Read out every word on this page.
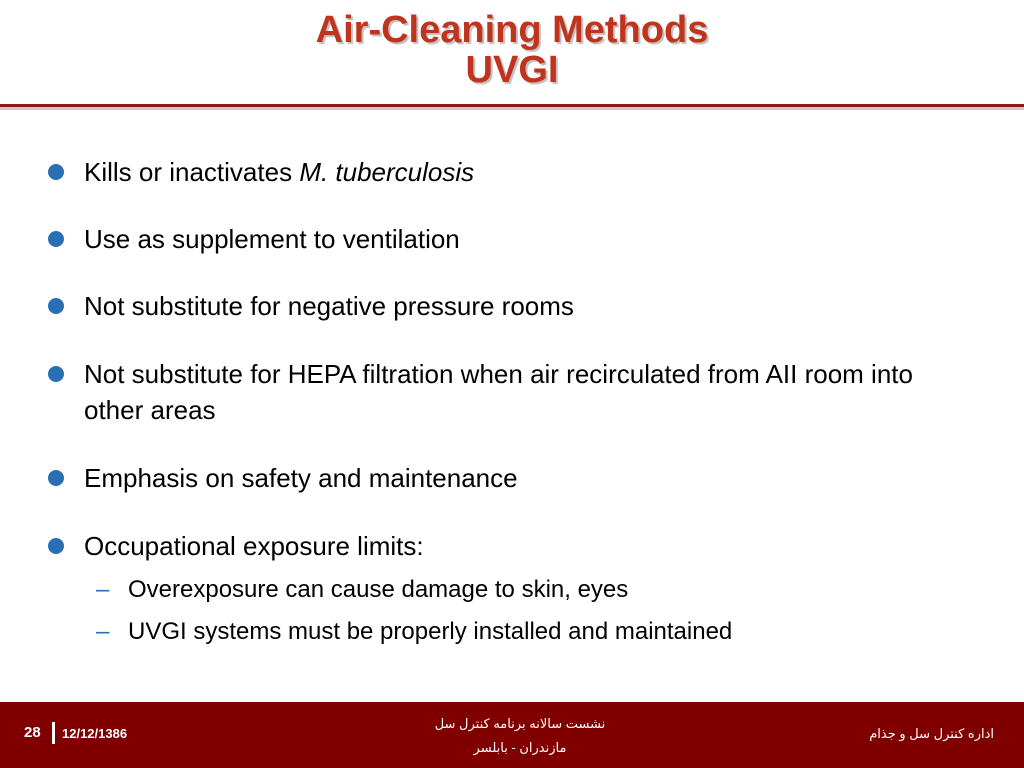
Air-Cleaning Methods
UVGI
Kills or inactivates M. tuberculosis
Use as supplement to ventilation
Not substitute for negative pressure rooms
Not substitute for HEPA filtration when air recirculated from AII room into other areas
Emphasis on safety and maintenance
Occupational exposure limits:
– Overexposure can cause damage to skin, eyes
– UVGI systems must be properly installed and maintained
28 12/12/1386
نشست سالانه برنامه کنترل سل
مازندران - بابلسر
اداره کنترل سل و جذام
